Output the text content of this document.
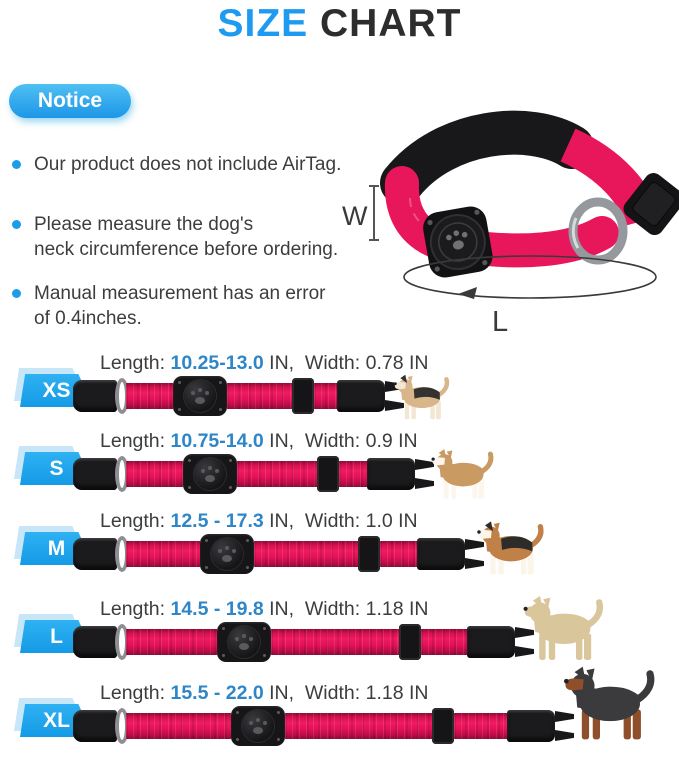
SIZE CHART
Notice
Our product does not include AirTag.

Please measure the dog's
neck circumference before ordering.
Manual measurement has an error
of 0.4inches.
W
L
Length: 10.25-13.0 IN,  Width: 0.78 IN
XS
Length: 10.75-14.0 IN,  Width: 0.9 IN
S
Length: 12.5 - 17.3 IN,  Width: 1.0 IN
M
Length: 14.5 - 19.8 IN,  Width: 1.18 IN
L
Length: 15.5 - 22.0 IN,  Width: 1.18 IN
XL
